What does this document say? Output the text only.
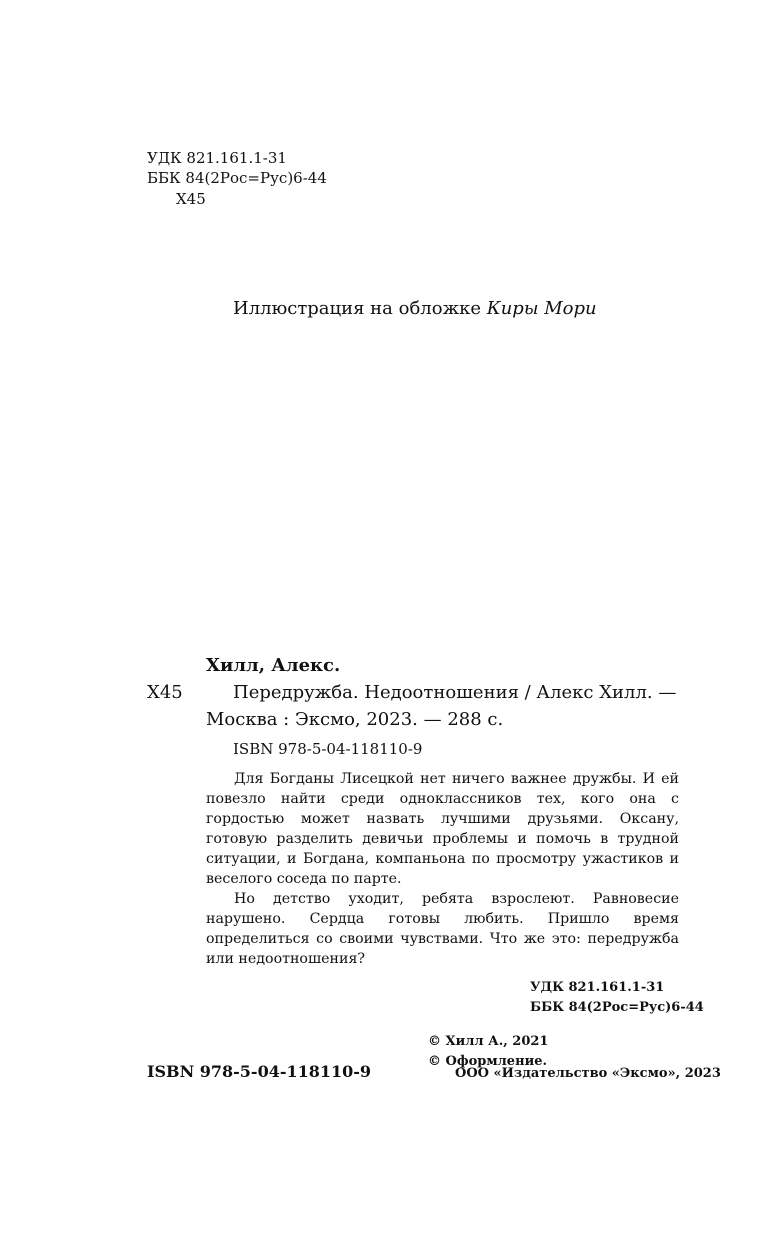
УДК 821.161.1-31
ББК 84(2Рос=Рус)6-44
Х45
Иллюстрация на обложке Киры Мори
Хилл, Алекс.
Х45	Передружба. Недоотношения / Алекс Хилл. —
Москва : Эксмо, 2023. — 288 с.
ISBN 978-5-04-118110-9

Для Богданы Лисецкой нет ничего важнее дружбы. И ей повезло найти среди одноклассников тех, кого она с гордостью может назвать лучшими друзьями. Оксану, готовую разделить девичьи проблемы и помочь в трудной ситуации, и Богдана, компаньона по просмотру ужастиков и веселого соседа по парте.

Но детство уходит, ребята взрослеют. Равновесие нарушено. Сердца готовы любить. Пришло время определиться со своими чувствами. Что же это: передружба или недоотношения?

УДК 821.161.1-31
ББК 84(2Рос=Рус)6-44
© Хилл А., 2021
© Оформление.
ООО «Издательство «Эксмо», 2023
ISBN 978-5-04-118110-9
